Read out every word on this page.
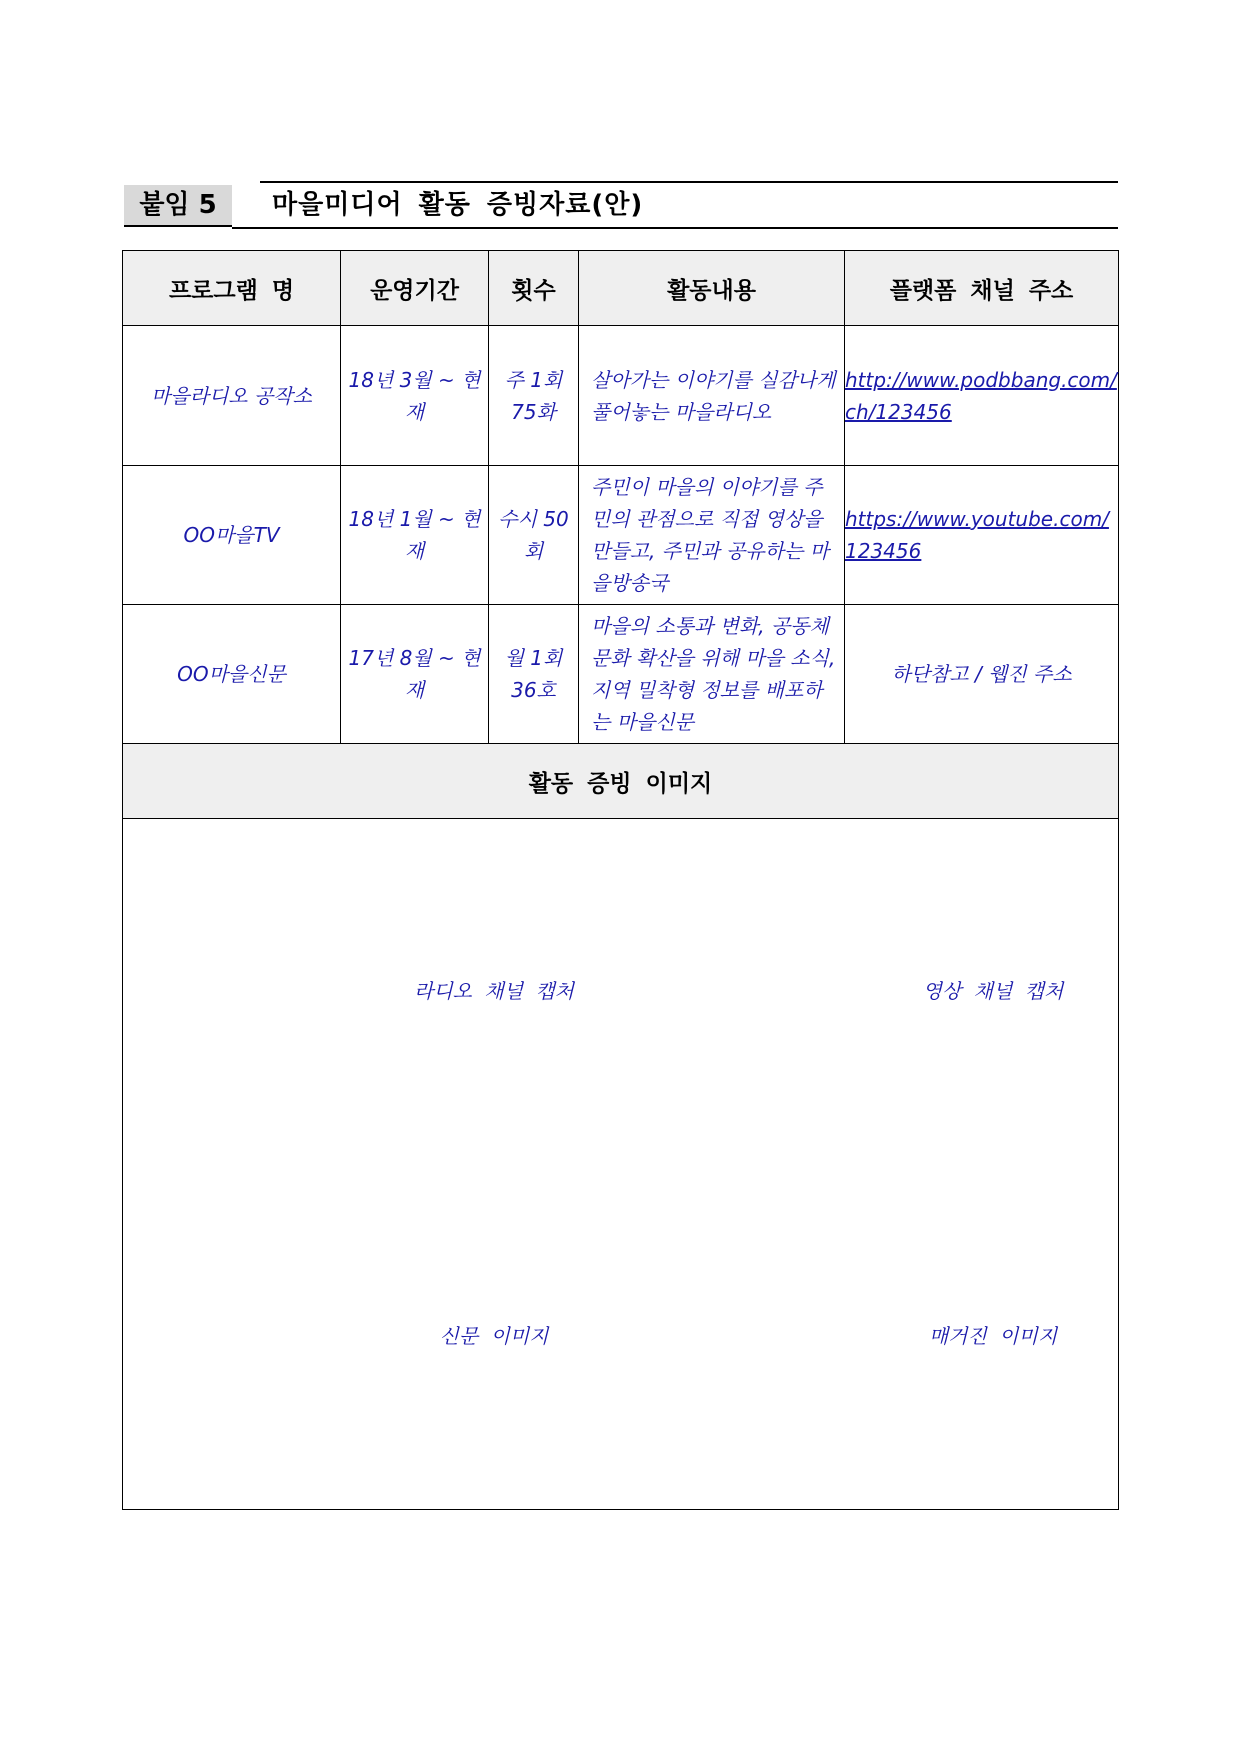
붙임 5	마을미디어 활동 증빙자료(안)
프로그램 명	운영기간	횟수	활동내용	플랫폼 채널 주소
마을라디오 공작소	18년 3월 ~ 현재	주 1회 75화	살아가는 이야기를 실감나게 풀어놓는 마을라디오	http://www.podbbang.com/ch/123456
OO마을TV	18년 1월 ~ 현재	수시 50회	주민이 마을의 이야기를 주민의 관점으로 직접 영상을 만들고, 주민과 공유하는 마을방송국	https://www.youtube.com/123456
OO마을신문	17년 8월 ~ 현재	월 1회 36호	마을의 소통과 변화, 공동체 문화 확산을 위해 마을 소식, 지역 밀착형 정보를 배포하는 마을신문	하단참고 / 웹진 주소
활동 증빙 이미지				

라디오 채널 캡처 영상 채널 캡처
신문 이미지 매거진 이미지				
